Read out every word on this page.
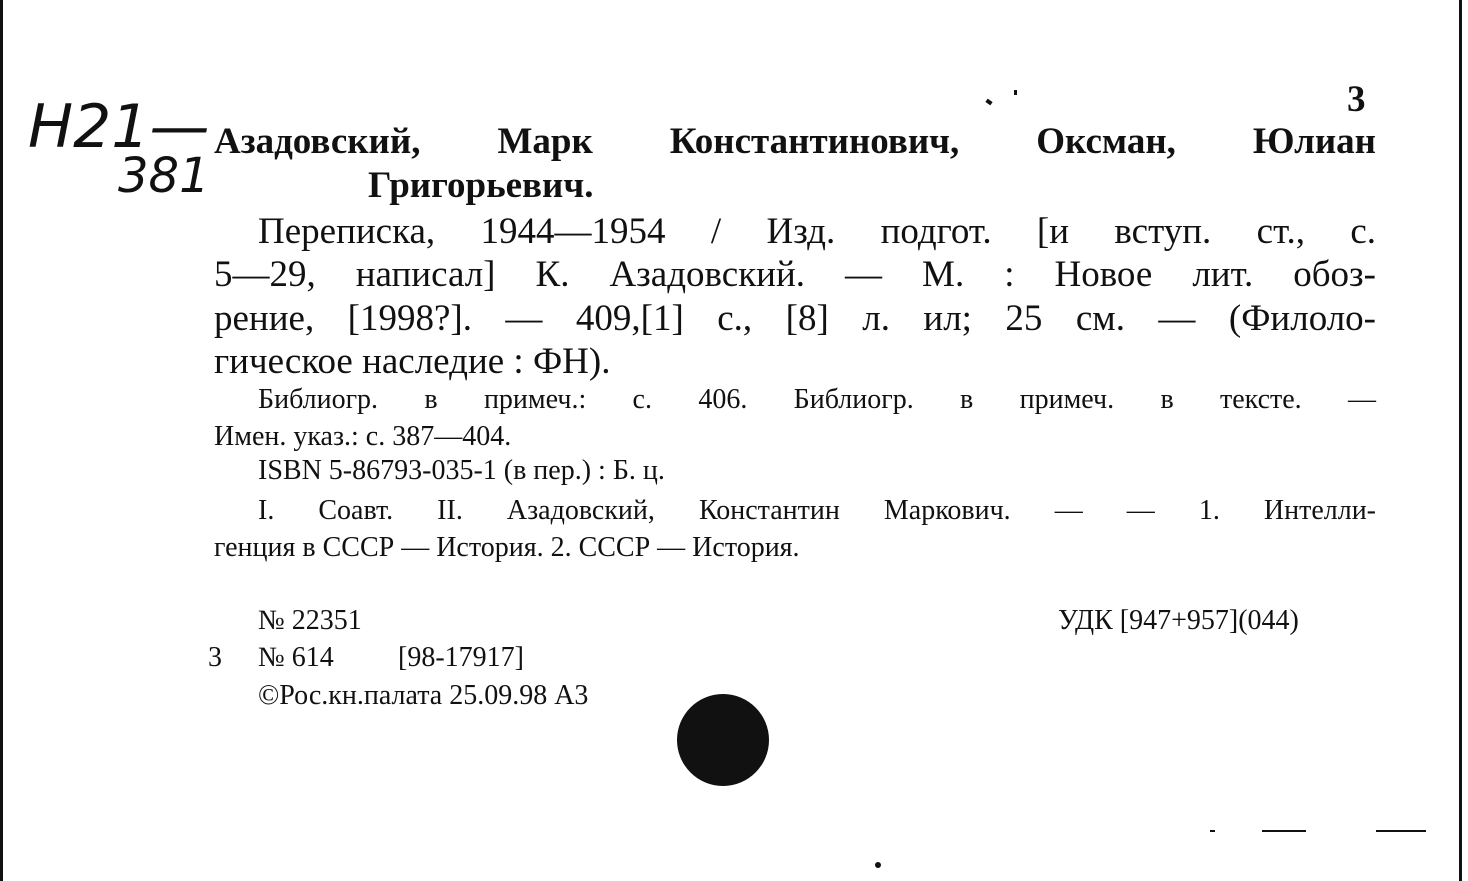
Н21—
381
3
Азадовский, Марк Константинович, Оксман, Юлиан
Григорьевич.
Переписка, 1944—1954 / Изд. подгот. [и вступ. ст., с.
5—29, написал] К. Азадовский. — М. : Новое лит. обоз-
рение, [1998?]. — 409,[1] с., [8] л. ил; 25 см. — (Филоло-
гическое наследие : ФН).
Библиогр. в примеч.: с. 406. Библиогр. в примеч. в тексте. —
Имен. указ.: с. 387—404.
ISBN 5-86793-035-1 (в пер.) : Б. ц.
I. Соавт. II. Азадовский, Константин Маркович. — — 1. Интелли-
генция в СССР — История. 2. СССР — История.
№ 22351	УДК [947+957](044)
3 № 614 [98-17917]
©Рос.кн.палата 25.09.98 А3
